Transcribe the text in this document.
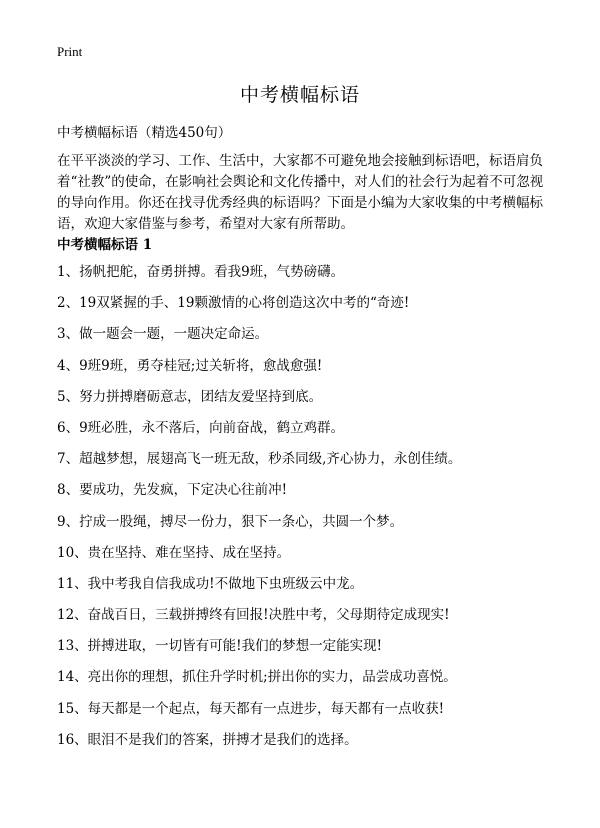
Print
中考横幅标语

中考横幅标语（精选450句）

在平平淡淡的学习、工作、生活中，大家都不可避免地会接触到标语吧，标语肩负着“社教”的使命，在影响社会舆论和文化传播中，对人们的社会行为起着不可忽视的导向作用。你还在找寻优秀经典的标语吗？下面是小编为大家收集的中考横幅标语，欢迎大家借鉴与参考，希望对大家有所帮助。

中考横幅标语 1
1、扬帆把舵，奋勇拼搏。看我9班，气势磅礴。
2、19双紧握的手、19颗激情的心将创造这次中考的“奇迹!
3、做一题会一题，一题决定命运。
4、9班9班，勇夺桂冠;过关斩将，愈战愈强!
5、努力拼搏磨砺意志，团结友爱坚持到底。
6、9班必胜，永不落后，向前奋战，鹤立鸡群。
7、超越梦想，展翅高飞一班无敌，秒杀同级,齐心协力，永创佳绩。
8、要成功，先发疯，下定决心往前冲!
9、拧成一股绳，搏尽一份力，狠下一条心，共圆一个梦。
10、贵在坚持、难在坚持、成在坚持。
11、我中考我自信我成功!不做地下虫班级云中龙。
12、奋战百日，三载拼搏终有回报!决胜中考，父母期待定成现实!
13、拼搏进取，一切皆有可能!我们的梦想一定能实现!
14、亮出你的理想，抓住升学时机;拼出你的实力，品尝成功喜悦。
15、每天都是一个起点，每天都有一点进步，每天都有一点收获!
16、眼泪不是我们的答案，拼搏才是我们的选择。
